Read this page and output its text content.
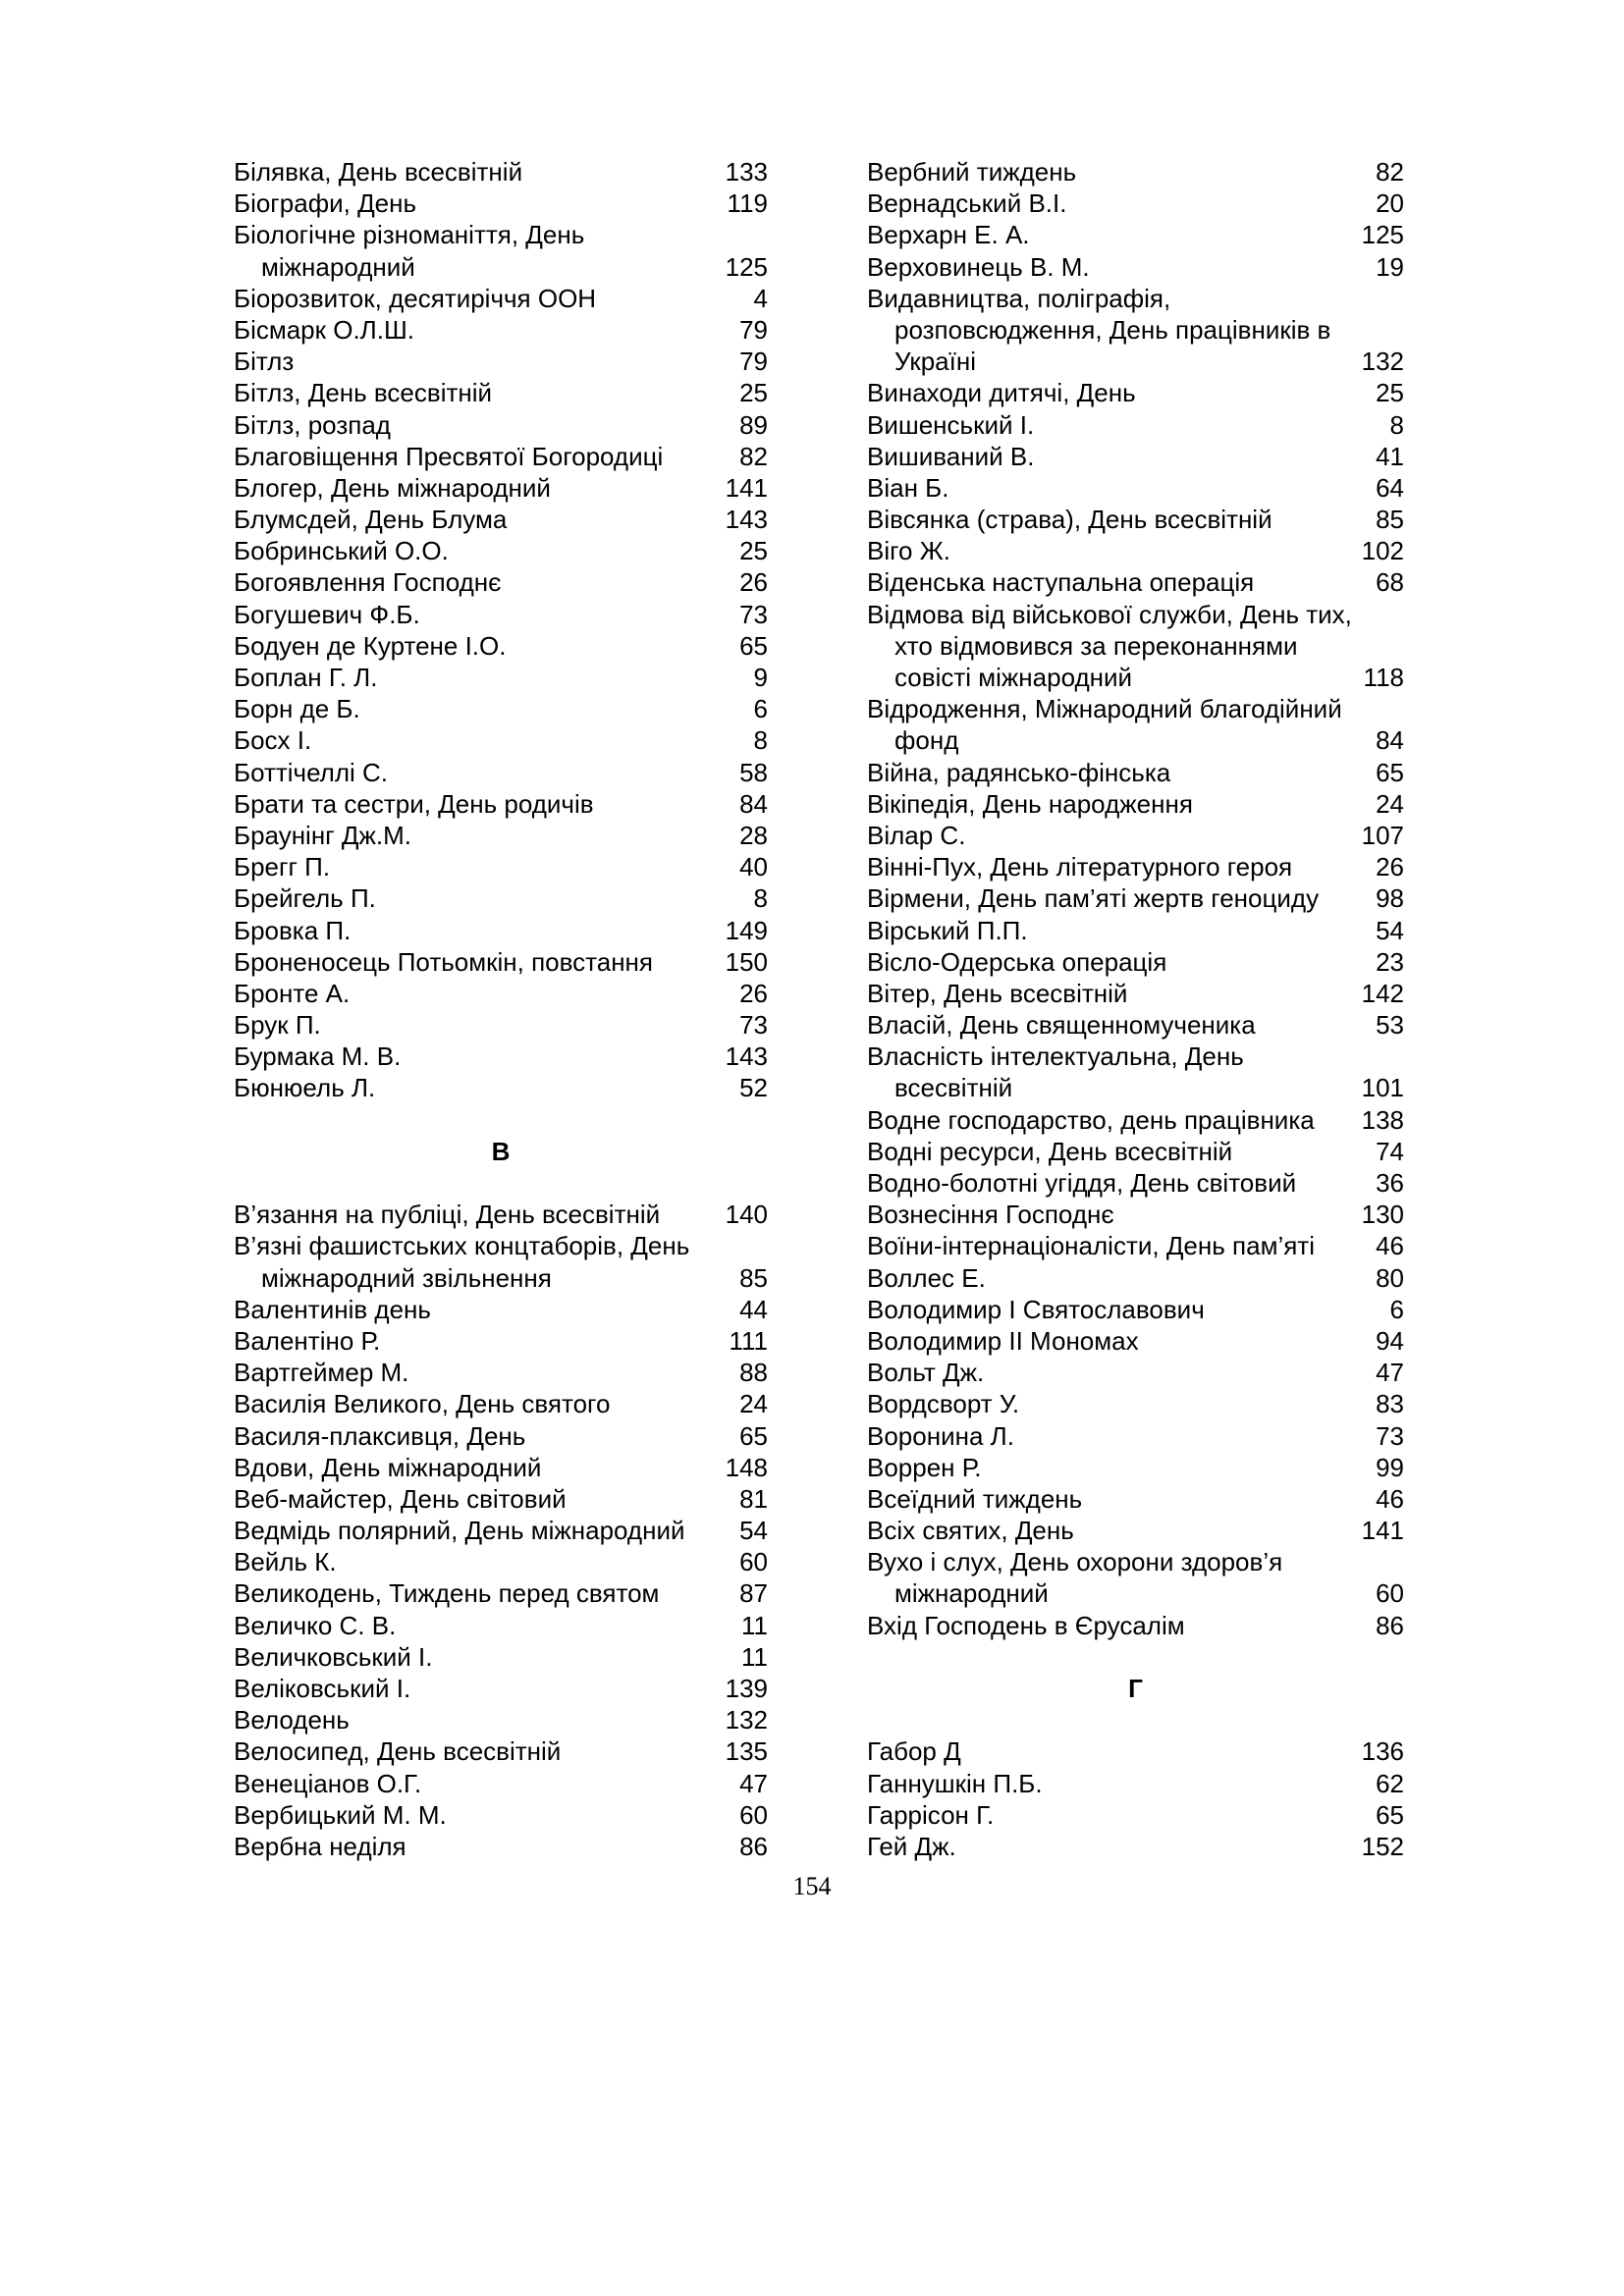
Білявка, День всесвітній	133
Біографи, День	119
Біологічне різноманіття, День
міжнародний	125
Біорозвиток, десятиріччя ООН	4
Бісмарк О.Л.Ш.	79
Бітлз	79
Бітлз, День всесвітній	25
Бітлз, розпад	89
Благовіщення Пресвятої Богородиці	82
Блогер, День міжнародний	141
Блумсдей, День Блума	143
Бобринський О.О.	25
Богоявлення Господнє	26
Богушевич Ф.Б.	73
Бодуен де Куртене І.О.	65
Боплан Г. Л.	9
Борн де Б.	6
Босх І.	8
Боттічеллі С.	58
Брати та сестри, День родичів	84
Браунінг Дж.М.	28
Брегг П.	40
Брейгель П.	8
Бровка П.	149
Броненосець Потьомкін, повстання	150
Бронте А.	26
Брук П.	73
Бурмака М. В.	143
Бюнюель Л.	52
В
В’язання на публіці, День всесвітній	140
В’язні фашистських концтаборів, День
міжнародний звільнення	85
Валентинів день	44
Валентіно Р.	111
Вартгеймер М.	88
Василія Великого, День святого	24
Василя-плаксивця, День	65
Вдови, День міжнародний	148
Веб-майстер, День світовий	81
Ведмідь полярний, День міжнародний 54
Вейль К.	60
Великодень, Тиждень перед святом	87
Величко С. В.	11
Величковський І.	11
Веліковський І.	139
Велодень	132
Велосипед, День всесвітній	135
Венеціанов О.Г.	47
Вербицький М. М.	60
Вербна неділя	86
Вербний тиждень	82
Вернадський В.І.	20
Верхарн Е. А.	125
Верховинець В. М.	19
Видавництва, поліграфія,
розповсюдження, День працівників в
Україні	132
Винаходи дитячі, День	25
Вишенський І.	8
Вишиваний В.	41
Віан Б.	64
Вівсянка (страва), День всесвітній	85
Віго Ж.	102
Віденська наступальна операція	68
Відмова від військової служби, День тих,
хто відмовився за переконаннями
совісті міжнародний	118
Відродження, Міжнародний благодійний
фонд	84
Війна, радянсько-фінська	65
Вікіпедія, День народження	24
Вілар С.	107
Вінні-Пух, День літературного героя	26
Вірмени, День пам’яті жертв геноциду 98
Вірський П.П.	54
Вісло-Одерська операція	23
Вітер, День всесвітній	142
Власій, День священномученика	53
Власність інтелектуальна, День
всесвітній	101
Водне господарство, день працівника 138
Водні ресурси, День всесвітній	74
Водно-болотні угіддя, День світовий	36
Вознесіння Господнє	130
Воїни-інтернаціоналісти, День пам’яті 46
Воллес Е.	80
Володимир І Святославович	6
Володимир ІІ Мономах	94
Вольт Дж.	47
Вордсворт У.	83
Воронина Л.	73
Воррен Р.	99
Всеїдний тиждень	46
Всіх святих, День	141
Вухо і слух, День охорони здоров’я
міжнародний	60
Вхід Господень в Єрусалім	86
Г
Габор Д	136
Ганнушкін П.Б.	62
Гаррісон Г.	65
Гей Дж.	152
154
